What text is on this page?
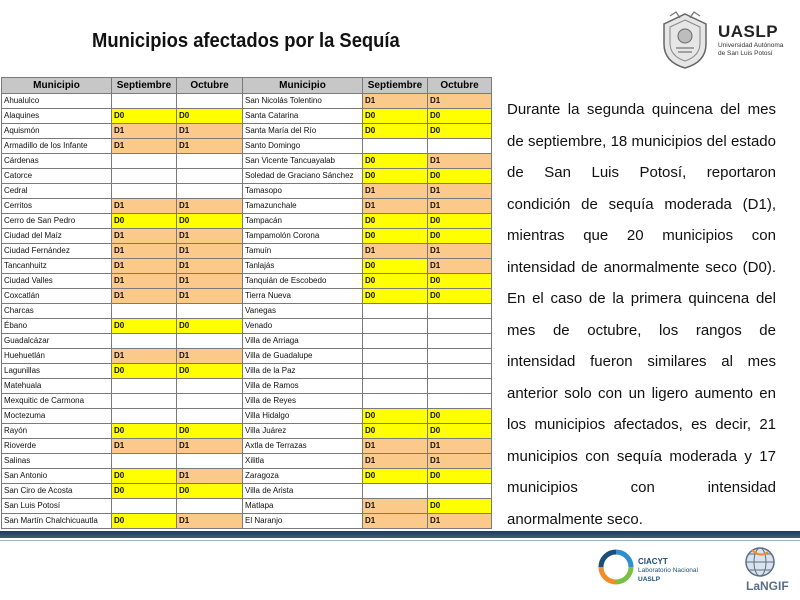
Municipios afectados por la Sequía	UASLP
Universidad Autónoma
de San Luis Potosí
Municipio	Septiembre	Octubre	Municipio	Septiembre	Octubre
Ahualulco			San Nicolás Tolentino	D1	D1
Alaquines	D0	D0	Santa Catarina	D0	D0
Aquismón	D1	D1	Santa María del Río	D0	D0
Armadillo de los Infante	D1	D1	Santo Domingo		
Cárdenas			San Vicente Tancuayalab	D0	D1
Catorce			Soledad de Graciano Sánchez	D0	D0
Cedral			Tamasopo	D1	D1
Cerritos	D1	D1	Tamazunchale	D1	D1
Cerro de San Pedro	D0	D0	Tampacán	D0	D0
Ciudad del Maíz	D1	D1	Tampamolón Corona	D0	D0
Ciudad Fernández	D1	D1	Tamuín	D1	D1
Tancanhuitz	D1	D1	Tanlajás	D0	D1
Ciudad Valles	D1	D1	Tanquián de Escobedo	D0	D0
Coxcatlán	D1	D1	Tierra Nueva	D0	D0
Charcas			Vanegas		
Ébano	D0	D0	Venado		
Guadalcázar			Villa de Arriaga		
Huehuetlán	D1	D1	Villa de Guadalupe		
Lagunillas	D0	D0	Villa de la Paz		
Matehuala			Villa de Ramos		
Mexquitic de Carmona			Villa de Reyes		
Moctezuma			Villa Hidalgo	D0	D0
Rayón	D0	D0	Villa Juárez	D0	D0
Rioverde	D1	D1	Axtla de Terrazas	D1	D1
Salinas			Xilitla	D1	D1
San Antonio	D0	D1	Zaragoza	D0	D0
San Ciro de Acosta	D0	D0	Villa de Arista		
San Luis Potosí			Matlapa	D1	D0
San Martín Chalchicuautla	D0	D1	El Naranjo	D1	D1
Durante la segunda quincena del mes de septiembre, 18 municipios del estado de San Luis Potosí, reportaron condición de sequía moderada (D1), mientras que 20 municipios con intensidad de anormalmente seco (D0). En el caso de la primera quincena del mes de octubre, los rangos de intensidad fueron similares al mes anterior solo con un ligero aumento en los municipios afectados, es decir, 21 municipios con sequía moderada y 17 municipios con intensidad anormalmente seco.
CIACYT
Laboratorio Nacional
UASLP	LaNGIF
